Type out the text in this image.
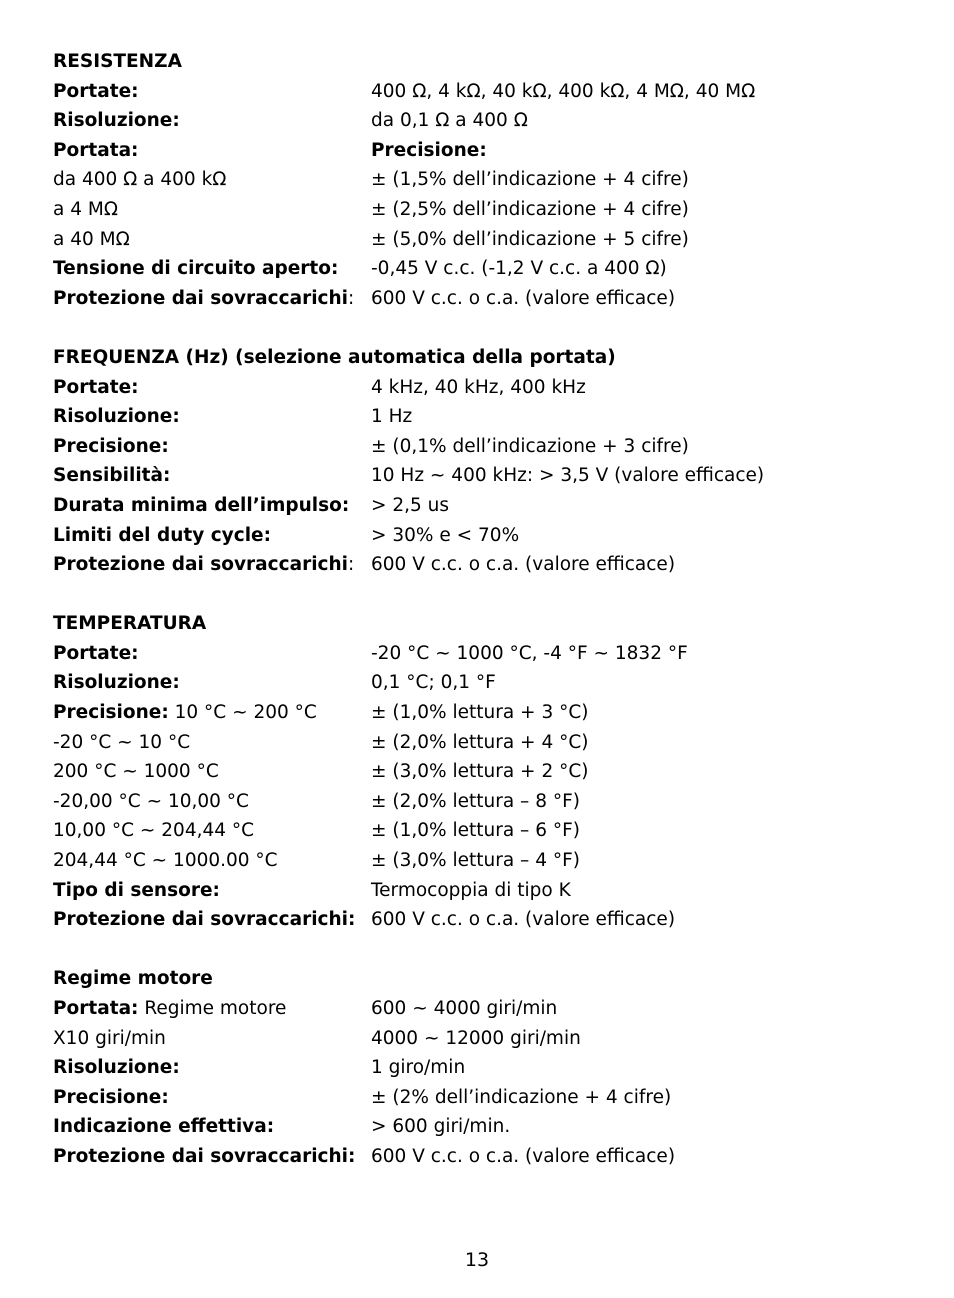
RESISTENZA
Portate:	400 Ω, 4 kΩ, 40 kΩ, 400 kΩ, 4 MΩ, 40 MΩ
Risoluzione:	da 0,1 Ω a 400 Ω
Portata:	Precisione:
da 400 Ω a 400 kΩ	± (1,5% dell’indicazione + 4 cifre)
a 4 MΩ	± (2,5% dell’indicazione + 4 cifre)
a 40 MΩ	± (5,0% dell’indicazione + 5 cifre)
Tensione di circuito aperto:	-0,45 V c.c. (-1,2 V c.c. a 400 Ω)
Protezione dai sovraccarichi: 600 V c.c. o c.a. (valore efficace)
FREQUENZA (Hz) (selezione automatica della portata)
Portate:	4 kHz, 40 kHz, 400 kHz
Risoluzione:	1 Hz
Precisione:	± (0,1% dell’indicazione + 3 cifre)
Sensibilità:	10 Hz ~ 400 kHz: > 3,5 V (valore efficace)
Durata minima dell’impulso:	> 2,5 us
Limiti del duty cycle:	> 30% e < 70%
Protezione dai sovraccarichi: 600 V c.c. o c.a. (valore efficace)
TEMPERATURA
Portate:	-20 °C ~ 1000 °C, -4 °F ~ 1832 °F
Risoluzione:	0,1 °C; 0,1 °F
Precisione: 10 °C ~ 200 °C	± (1,0% lettura + 3 °C)
-20 °C ~ 10 °C	± (2,0% lettura + 4 °C)
200 °C ~ 1000 °C	± (3,0% lettura + 2 °C)
-20,00 °C ~ 10,00 °C	± (2,0% lettura – 8 °F)
10,00 °C ~ 204,44 °C	± (1,0% lettura – 6 °F)
204,44 °C ~ 1000.00 °C	± (3,0% lettura – 4 °F)
Tipo di sensore:	Termocoppia di tipo K
Protezione dai sovraccarichi: 600 V c.c. o c.a. (valore efficace)
Regime motore
Portata: Regime motore	600 ~ 4000 giri/min
X10 giri/min	4000 ~ 12000 giri/min
Risoluzione:	1 giro/min
Precisione:	± (2% dell’indicazione + 4 cifre)
Indicazione effettiva:	> 600 giri/min.
Protezione dai sovraccarichi: 600 V c.c. o c.a. (valore efficace)
13
